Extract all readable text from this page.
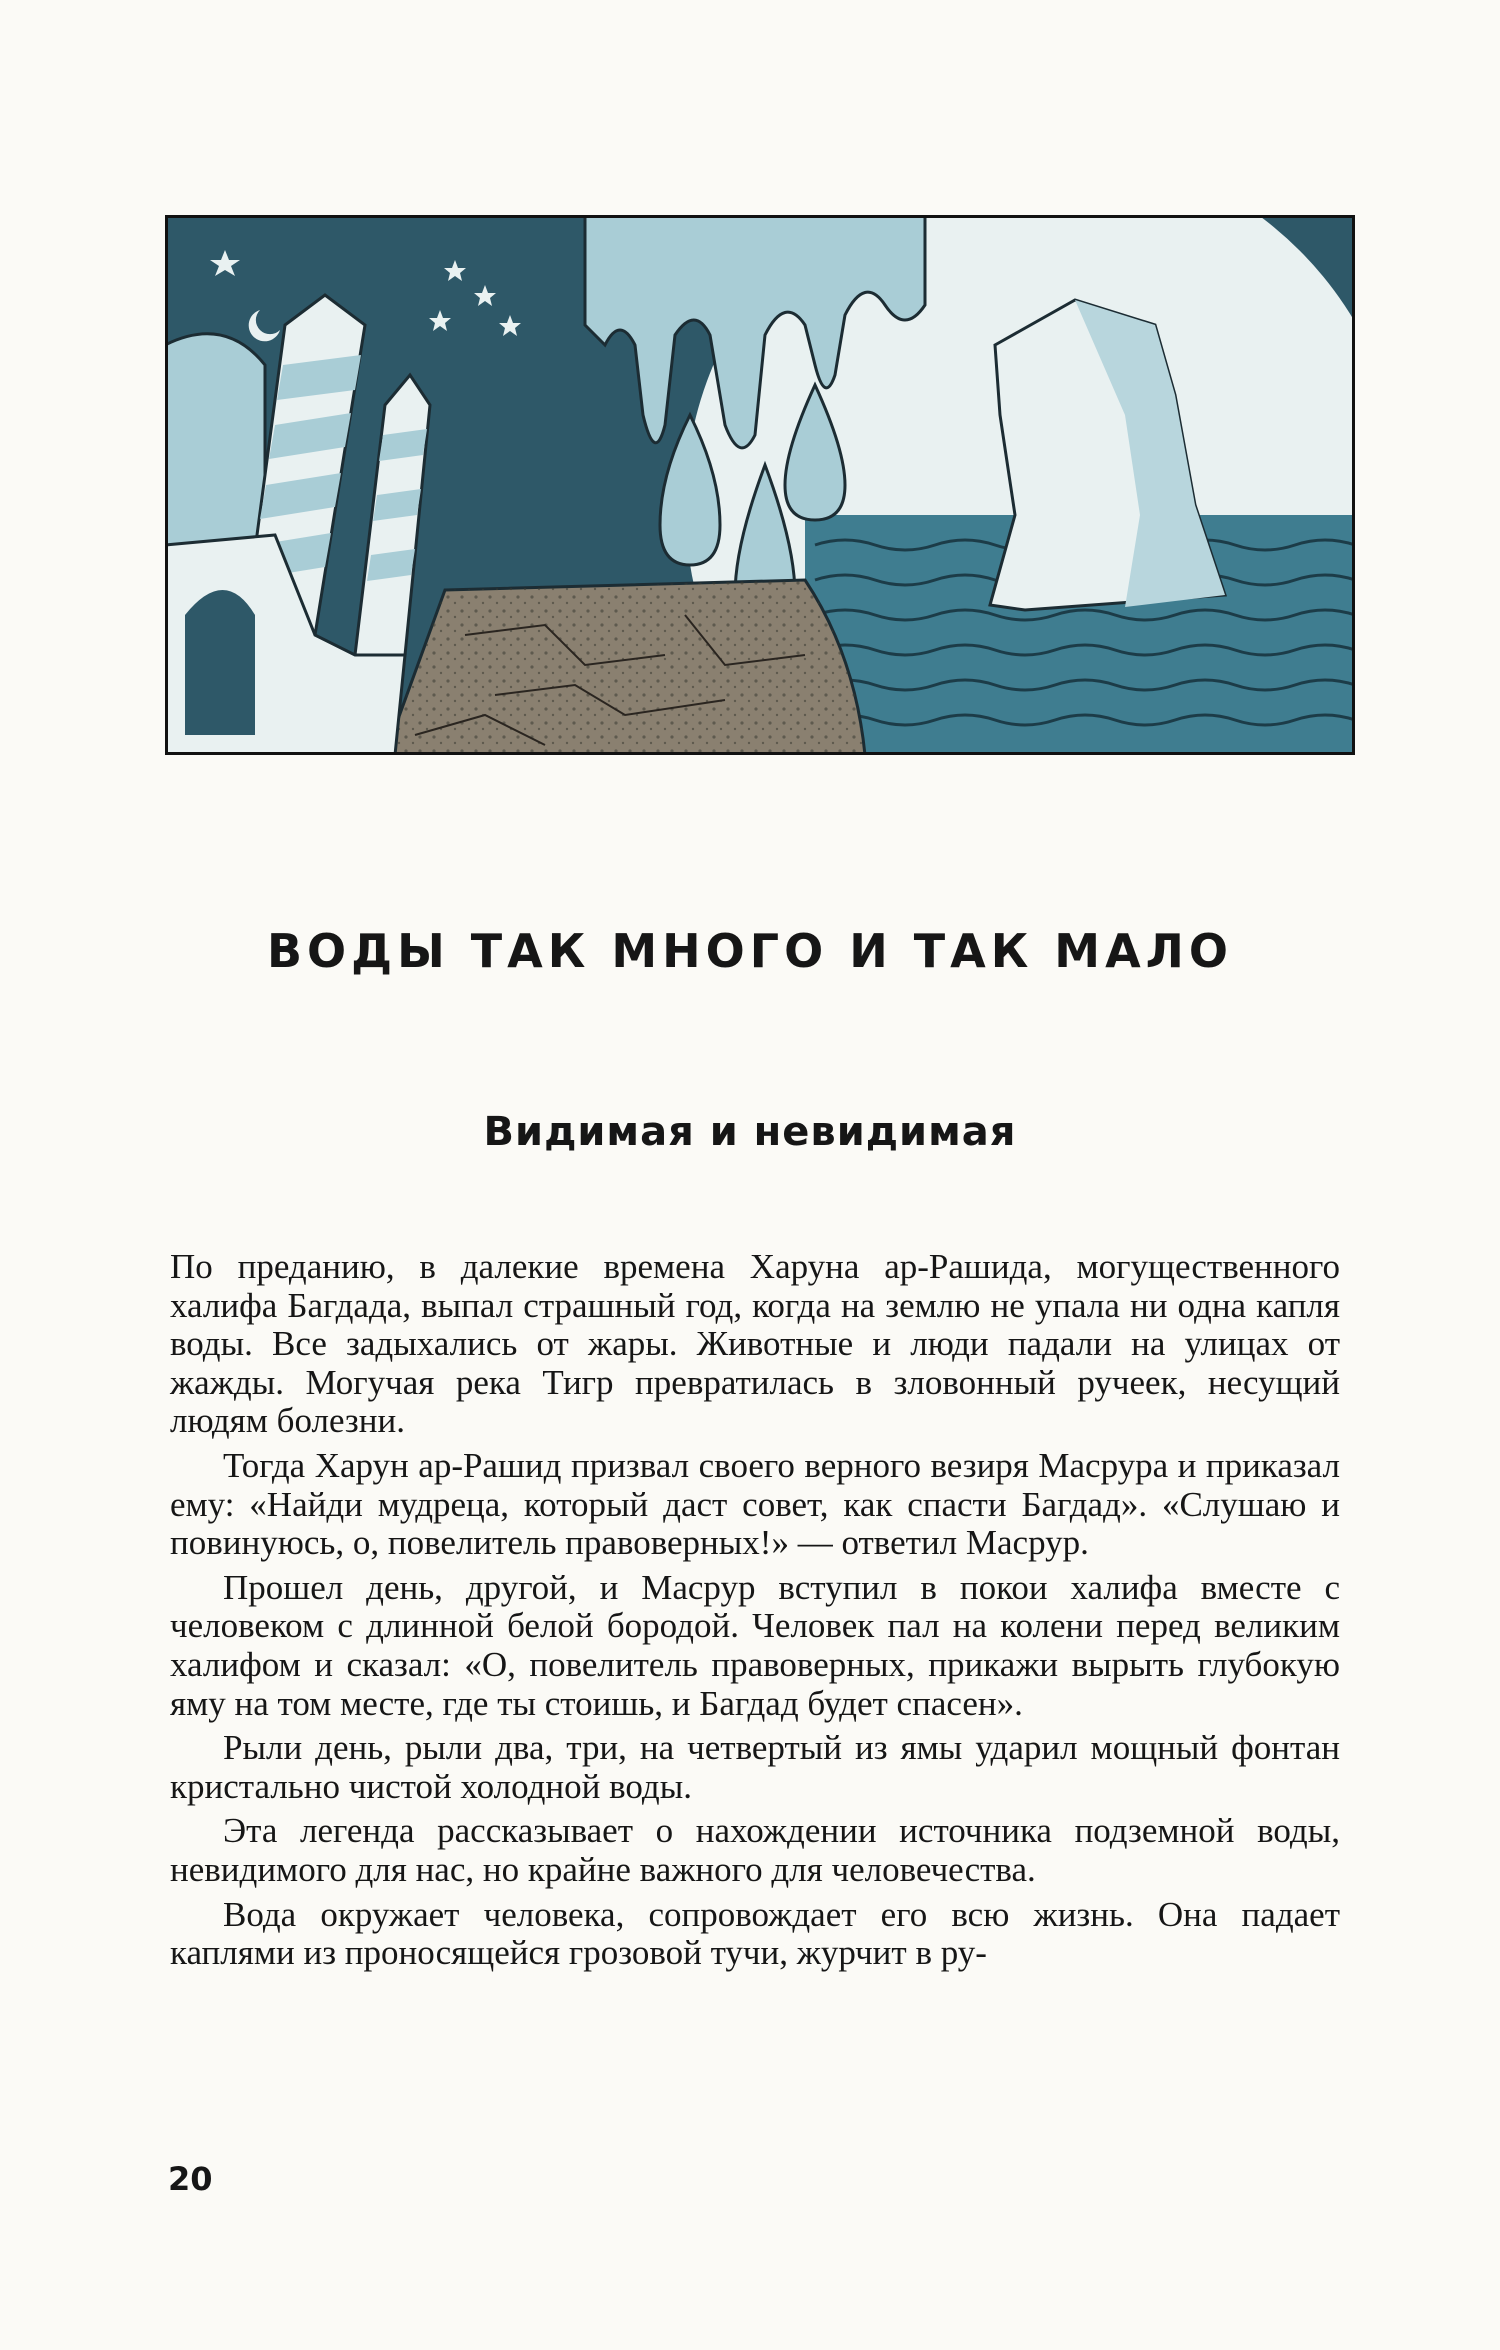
ВОДЫ ТАК МНОГО И ТАК МАЛО
Видимая и невидимая

По преданию, в далекие времена Харуна ар-Рашида, могущественного халифа Багдада, выпал страшный год, когда на землю не упала ни одна капля воды. Все задыхались от жары. Животные и люди падали на улицах от жажды. Могучая река Тигр превратилась в зловонный ручеек, несущий людям болезни.

Тогда Харун ар-Рашид призвал своего верного везиря Масрура и приказал ему: «Найди мудреца, который даст совет, как спасти Багдад». «Слушаю и повинуюсь, о, повелитель правоверных!» — ответил Масрур.

Прошел день, другой, и Масрур вступил в покои халифа вместе с человеком с длинной белой бородой. Человек пал на колени перед великим халифом и сказал: «О, повелитель правоверных, прикажи вырыть глубокую яму на том месте, где ты стоишь, и Багдад будет спасен».

Рыли день, рыли два, три, на четвертый из ямы ударил мощный фонтан кристально чистой холодной воды.

Эта легенда рассказывает о нахождении источника подземной воды, невидимого для нас, но крайне важного для человечества.

Вода окружает человека, сопровождает его всю жизнь. Она падает каплями из проносящейся грозовой тучи, журчит в ру-

20
